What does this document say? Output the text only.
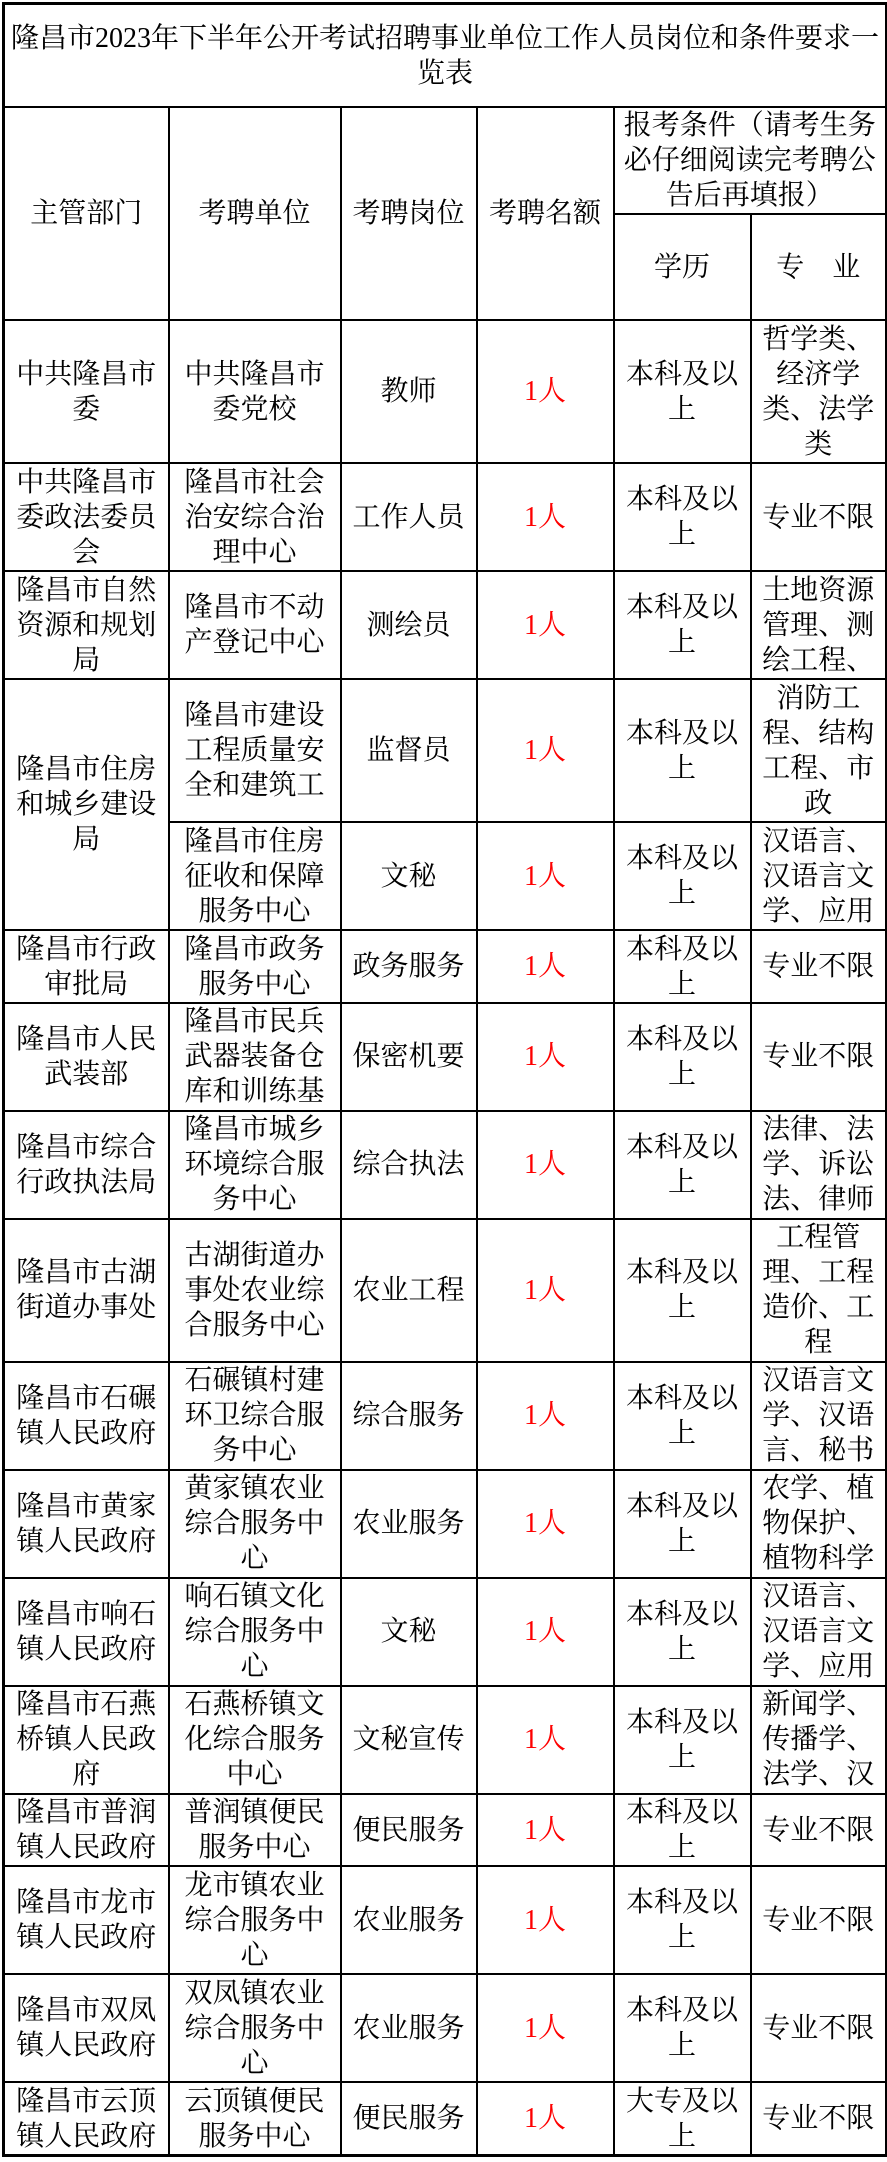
隆昌市2023年下半年公开考试招聘事业单位工作人员岗位和条件要求一览表					
主管部门	考聘单位	考聘岗位	考聘名额	报考条件（请考生务必仔细阅读完考聘公告后再填报）	
				学历	专　业
中共隆昌市委	中共隆昌市委党校	教师	1人	本科及以上	哲学类、经济学类、法学类
中共隆昌市委政法委员会	隆昌市社会治安综合治理中心	工作人员	1人	本科及以上	专业不限
隆昌市自然资源和规划局	隆昌市不动产登记中心	测绘员	1人	本科及以上	土地资源管理、测绘工程、
隆昌市住房和城乡建设局	隆昌市建设工程质量安全和建筑工	监督员	1人	本科及以上	消防工程、结构工程、市政
	隆昌市住房征收和保障服务中心	文秘	1人	本科及以上	汉语言、汉语言文学、应用
隆昌市行政审批局	隆昌市政务服务中心	政务服务	1人	本科及以上	专业不限
隆昌市人民武装部	隆昌市民兵武器装备仓库和训练基	保密机要	1人	本科及以上	专业不限
隆昌市综合行政执法局	隆昌市城乡环境综合服务中心	综合执法	1人	本科及以上	法律、法学、诉讼法、律师
隆昌市古湖街道办事处	古湖街道办事处农业综合服务中心	农业工程	1人	本科及以上	工程管理、工程造价、工程
隆昌市石碾镇人民政府	石碾镇村建环卫综合服务中心	综合服务	1人	本科及以上	汉语言文学、汉语言、秘书
隆昌市黄家镇人民政府	黄家镇农业综合服务中心	农业服务	1人	本科及以上	农学、植物保护、植物科学
隆昌市响石镇人民政府	响石镇文化综合服务中心	文秘	1人	本科及以上	汉语言、汉语言文学、应用
隆昌市石燕桥镇人民政府	石燕桥镇文化综合服务中心	文秘宣传	1人	本科及以上	新闻学、传播学、法学、汉
隆昌市普润镇人民政府	普润镇便民服务中心	便民服务	1人	本科及以上	专业不限
隆昌市龙市镇人民政府	龙市镇农业综合服务中心	农业服务	1人	本科及以上	专业不限
隆昌市双凤镇人民政府	双凤镇农业综合服务中心	农业服务	1人	本科及以上	专业不限
隆昌市云顶镇人民政府	云顶镇便民服务中心	便民服务	1人	大专及以上	专业不限
